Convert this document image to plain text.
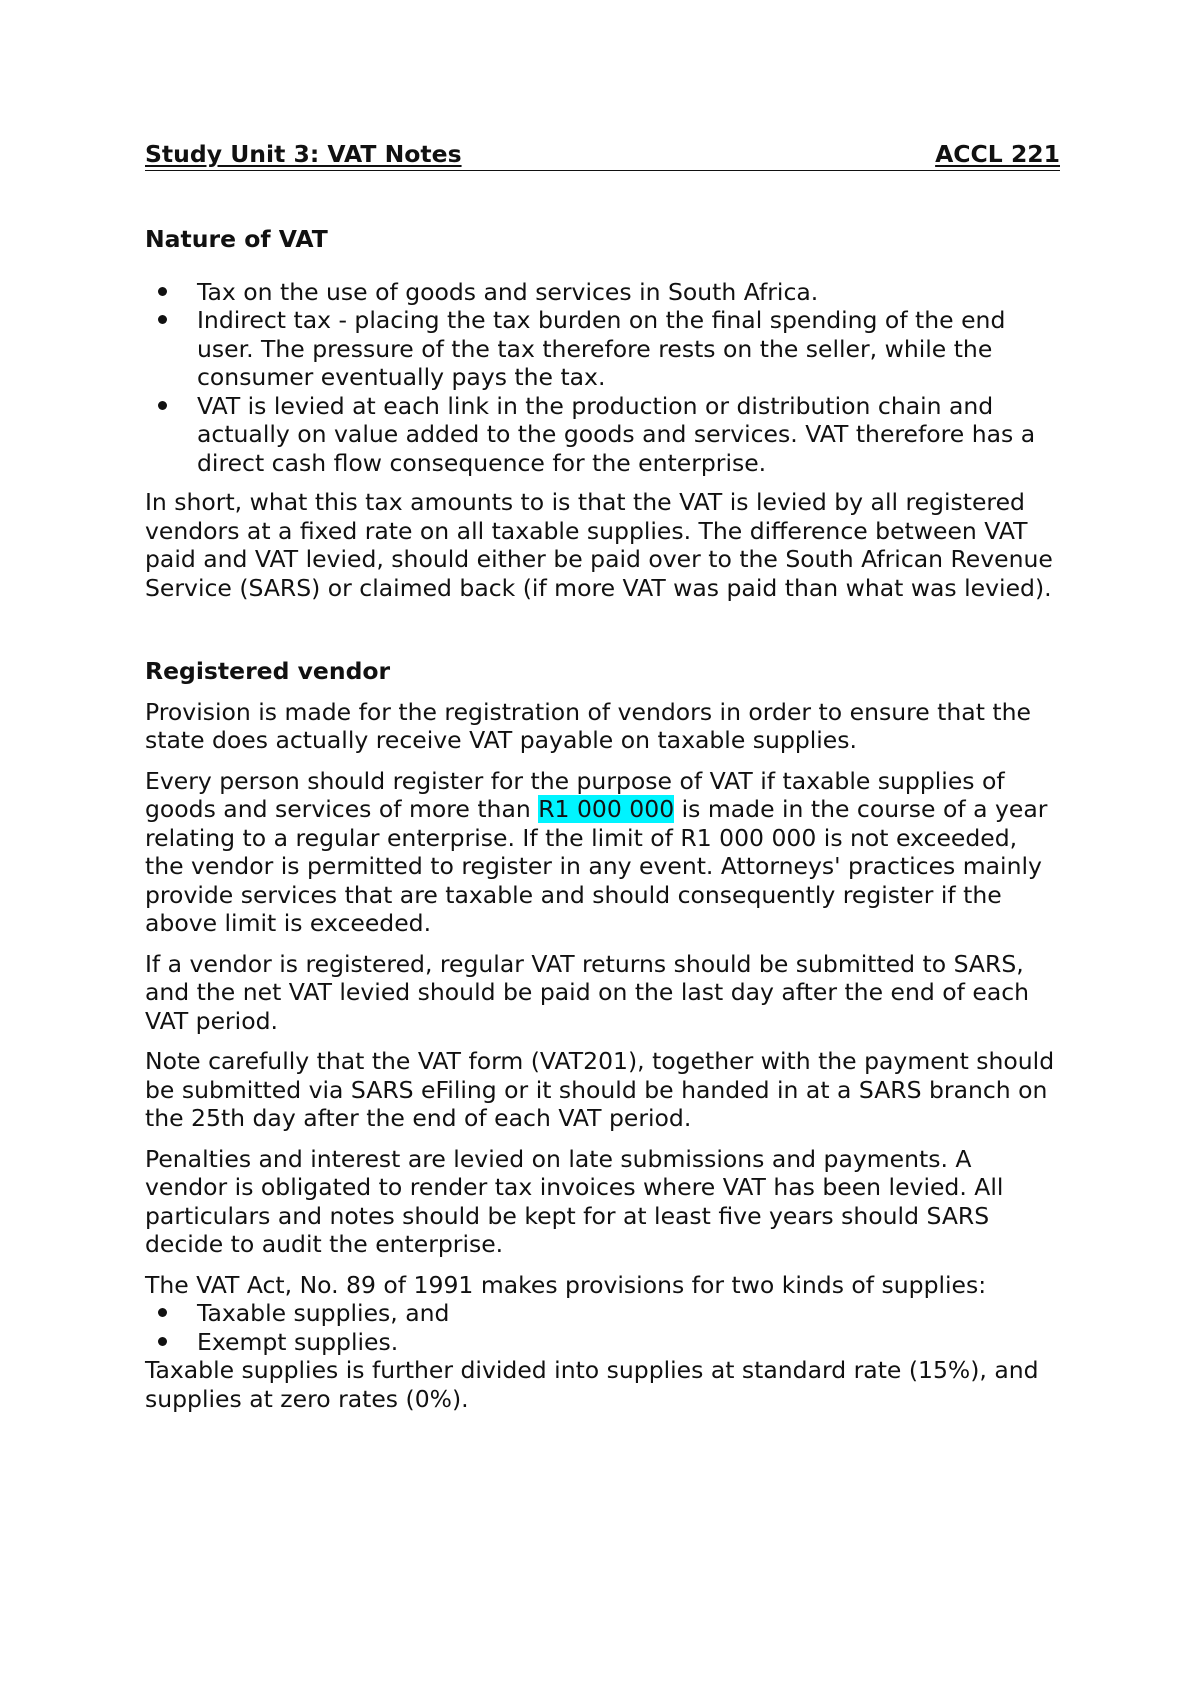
Study Unit 3: VAT Notes	ACCL 221
Nature of VAT
Tax on the use of goods and services in South Africa.
Indirect tax - placing the tax burden on the final spending of the end user. The pressure of the tax therefore rests on the seller, while the consumer eventually pays the tax.
VAT is levied at each link in the production or distribution chain and actually on value added to the goods and services. VAT therefore has a direct cash flow consequence for the enterprise.

In short, what this tax amounts to is that the VAT is levied by all registered vendors at a fixed rate on all taxable supplies. The difference between VAT paid and VAT levied, should either be paid over to the South African Revenue Service (SARS) or claimed back (if more VAT was paid than what was levied).

Registered vendor

Provision is made for the registration of vendors in order to ensure that the state does actually receive VAT payable on taxable supplies.

Every person should register for the purpose of VAT if taxable supplies of goods and services of more than R1 000 000 is made in the course of a year relating to a regular enterprise. If the limit of R1 000 000 is not exceeded, the vendor is permitted to register in any event. Attorneys' practices mainly provide services that are taxable and should consequently register if the above limit is exceeded.

If a vendor is registered, regular VAT returns should be submitted to SARS, and the net VAT levied should be paid on the last day after the end of each VAT period.

Note carefully that the VAT form (VAT201), together with the payment should be submitted via SARS eFiling or it should be handed in at a SARS branch on the 25th day after the end of each VAT period.

Penalties and interest are levied on late submissions and payments. A vendor is obligated to render tax invoices where VAT has been levied. All particulars and notes should be kept for at least five years should SARS decide to audit the enterprise.

The VAT Act, No. 89 of 1991 makes provisions for two kinds of supplies:

Taxable supplies, and
Exempt supplies.

Taxable supplies is further divided into supplies at standard rate (15%), and supplies at zero rates (0%).
